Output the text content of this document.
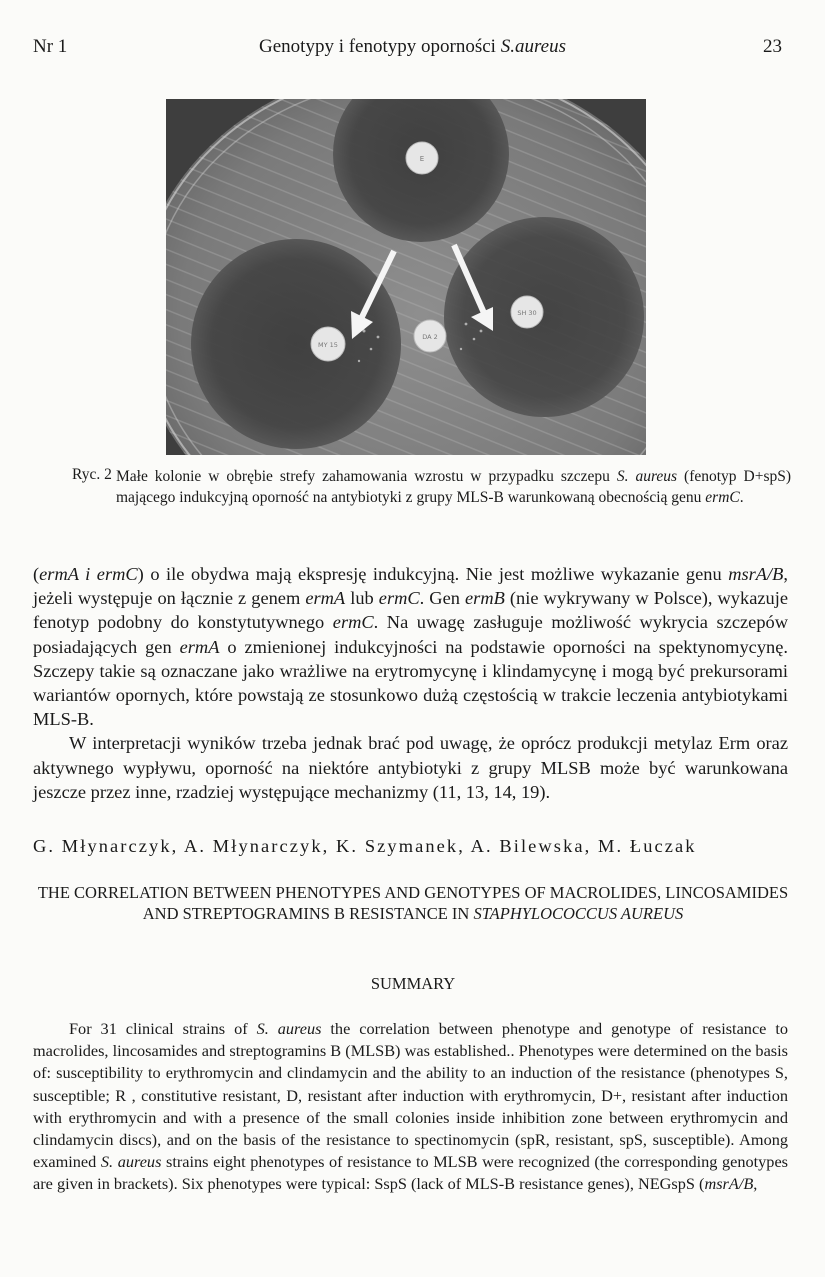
Nr 1	Genotypy i fenotypy oporności S.aureus	23
E
MY 15
DA 2
SH 30
Ryc. 2 Małe kolonie w obrębie strefy zahamowania wzrostu w przypadku szczepu S. aureus (fenotyp D+spS) mającego indukcyjną oporność na antybiotyki z grupy MLS-B warunkowaną obecnością genu ermC.

(ermA i ermC) o ile obydwa mają ekspresję indukcyjną. Nie jest możliwe wykazanie genu msrA/B, jeżeli występuje on łącznie z genem ermA lub ermC. Gen ermB (nie wykrywany w Polsce), wykazuje fenotyp podobny do konstytutywnego ermC. Na uwagę zasługuje możliwość wykrycia szczepów posiadających gen ermA o zmienionej indukcyjności na podstawie oporności na spektynomycynę. Szczepy takie są oznaczane jako wrażliwe na erytromycynę i klindamycynę i mogą być prekursorami wariantów opornych, które powstają ze stosunkowo dużą częstością w trakcie leczenia antybiotykami MLS-B.

W interpretacji wyników trzeba jednak brać pod uwagę, że oprócz produkcji metylaz Erm oraz aktywnego wypływu, oporność na niektóre antybiotyki z grupy MLSB może być warunkowana jeszcze przez inne, rzadziej występujące mechanizmy (11, 13, 14, 19).

G. Młynarczyk, A. Młynarczyk, K. Szymanek, A. Bilewska, M. Łuczak
THE CORRELATION BETWEEN PHENOTYPES AND GENOTYPES OF MACROLIDES, LINCOSAMIDES AND STREPTOGRAMINS B RESISTANCE IN STAPHYLOCOCCUS AUREUS
SUMMARY
For 31 clinical strains of S. aureus the correlation between phenotype and genotype of resistance to macrolides, lincosamides and streptogramins B (MLSB) was established.. Phenotypes were determined on the basis of: susceptibility to erythromycin and clindamycin and the ability to an induction of the resistance (phenotypes S, susceptible; R , constitutive resistant, D, resistant after induction with erythromycin, D+, resistant after induction with erythromycin and with a presence of the small colonies inside inhibition zone between erythromycin and clindamycin discs), and on the basis of the resistance to spectinomycin (spR, resistant, spS, susceptible). Among examined S. aureus strains eight phenotypes of resistance to MLSB were recognized (the corresponding genotypes are given in brackets). Six phenotypes were typical: SspS (lack of MLS-B resistance genes), NEGspS (msrA/B,
